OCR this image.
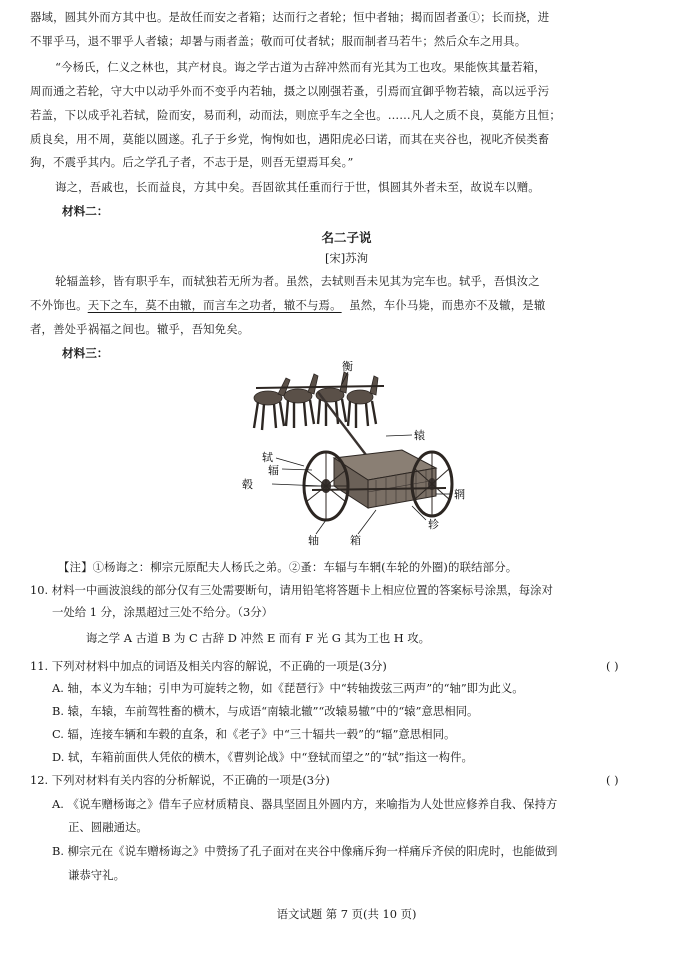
器域，圆其外而方其中也。是故任而安之者箱；达而行之者轮；恒中者轴；揭而固者蚤①；长而挠，进
不罪乎马，退不罪乎人者辕；却暑与雨者盖；敬而可仗者轼；服而制者马若牛；然后众车之用具。
“今杨氏，仁义之林也，其产材良。诲之学古道为古辞冲然而有光其为工也攻。果能恢其量若箱，
周而通之若轮，守大中以动乎外而不变乎内若轴，摄之以刚强若蚤，引焉而宜御乎物若辕，高以远乎污
若盖，下以成乎礼若轼，险而安，易而利，动而法，则庶乎车之全也。……凡人之质不良，莫能方且恒；
质良矣，用不周，莫能以圆遂。孔子于乡党，恂恂如也，遇阳虎必曰诺，而其在夹谷也，视叱齐侯类畜
狗，不震乎其内。后之学孔子者，不志于是，则吾无望焉耳矣。”
诲之，吾戚也，长而益良，方其中矣。吾固欲其任重而行于世，惧圆其外者未至，故说车以赠。
材料二：
名二子说
[宋]苏洵
轮辐盖轸，皆有职乎车，而轼独若无所为者。虽然，去轼则吾未见其为完车也。轼乎，吾惧汝之
不外饰也。天下之车，莫不由辙，而言车之功者，辙不与焉。 虽然，车仆马毙，而患亦不及辙，是辙
者，善处乎祸福之间也。辙乎，吾知免矣。
材料三：
衡
辕
轼
辐
毂
辋
轴	箱
轸
【注】①杨诲之：柳宗元原配夫人杨氏之弟。②蚤：车辐与车辋(车轮的外圈)的联结部分。
10. 材料一中画波浪线的部分仅有三处需要断句，请用铅笔将答题卡上相应位置的答案标号涂黑，每涂对
一处给 1 分，涂黑超过三处不给分。（3分）
诲之学 A 古道 B 为 C 古辞 D 冲然 E 而有 F 光 G 其为工也 H 攻。
11. 下列对材料中加点的词语及相关内容的解说，不正确的一项是(3分)	( )
A. 轴，本义为车轴；引申为可旋转之物，如《琵琶行》中“转轴拨弦三两声”的“轴”即为此义。
B. 辕，车辕，车前驾牲畜的横木，与成语“南辕北辙”“改辕易辙”中的“辕”意思相同。
C. 辐，连接车辆和车毂的直条，和《老子》中“三十辐共一毂”的“辐”意思相同。
D. 轼，车箱前面供人凭依的横木，《曹刿论战》中“登轼而望之”的“轼”指这一构件。
12. 下列对材料有关内容的分析解说，不正确的一项是(3分)	( )
A. 《说车赠杨诲之》借车子应材质精良、器具坚固且外圆内方，来喻指为人处世应修养自我、保持方
正、圆融通达。
B. 柳宗元在《说车赠杨诲之》中赞扬了孔子面对在夹谷中像痛斥狗一样痛斥齐侯的阳虎时，也能做到
谦恭守礼。
语文试题 第 7 页(共 10 页)
